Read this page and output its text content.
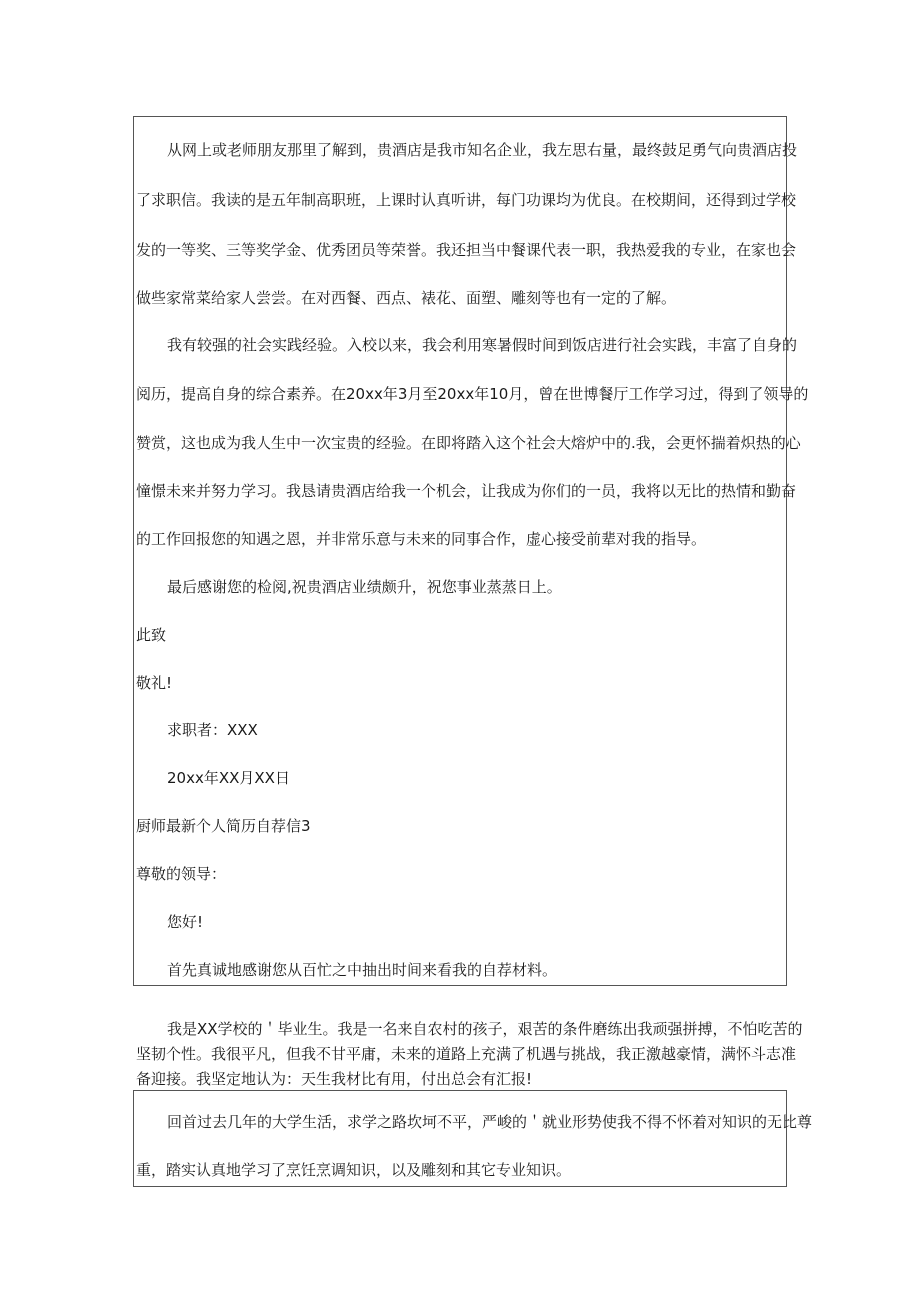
从网上或老师朋友那里了解到，贵酒店是我市知名企业，我左思右量，最终鼓足勇气向贵酒店投
了求职信。我读的是五年制高职班，上课时认真听讲，每门功课均为优良。在校期间，还得到过学校
发的一等奖、三等奖学金、优秀团员等荣誉。我还担当中餐课代表一职，我热爱我的专业，在家也会
做些家常菜给家人尝尝。在对西餐、西点、裱花、面塑、雕刻等也有一定的了解。
我有较强的社会实践经验。入校以来，我会利用寒暑假时间到饭店进行社会实践，丰富了自身的
阅历，提高自身的综合素养。在20xx年3月至20xx年10月，曾在世博餐厅工作学习过，得到了领导的
赞赏，这也成为我人生中一次宝贵的经验。在即将踏入这个社会大熔炉中的.我，会更怀揣着炽热的心
憧憬未来并努力学习。我恳请贵酒店给我一个机会，让我成为你们的一员，我将以无比的热情和勤奋
的工作回报您的知遇之恩，并非常乐意与未来的同事合作，虚心接受前辈对我的指导。
最后感谢您的检阅,祝贵酒店业绩颇升，祝您事业蒸蒸日上。
此致
敬礼!
求职者：XXX
20xx年XX月XX日
厨师最新个人简历自荐信3
尊敬的领导：
您好!
首先真诚地感谢您从百忙之中抽出时间来看我的自荐材料。
我是XX学校的＇毕业生。我是一名来自农村的孩子，艰苦的条件磨练出我顽强拼搏，不怕吃苦的
坚韧个性。我很平凡，但我不甘平庸，未来的道路上充满了机遇与挑战，我正激越豪情，满怀斗志准
备迎接。我坚定地认为：天生我材比有用，付出总会有汇报!
回首过去几年的大学生活，求学之路坎坷不平，严峻的＇就业形势使我不得不怀着对知识的无比尊
重，踏实认真地学习了烹饪烹调知识，以及雕刻和其它专业知识。
